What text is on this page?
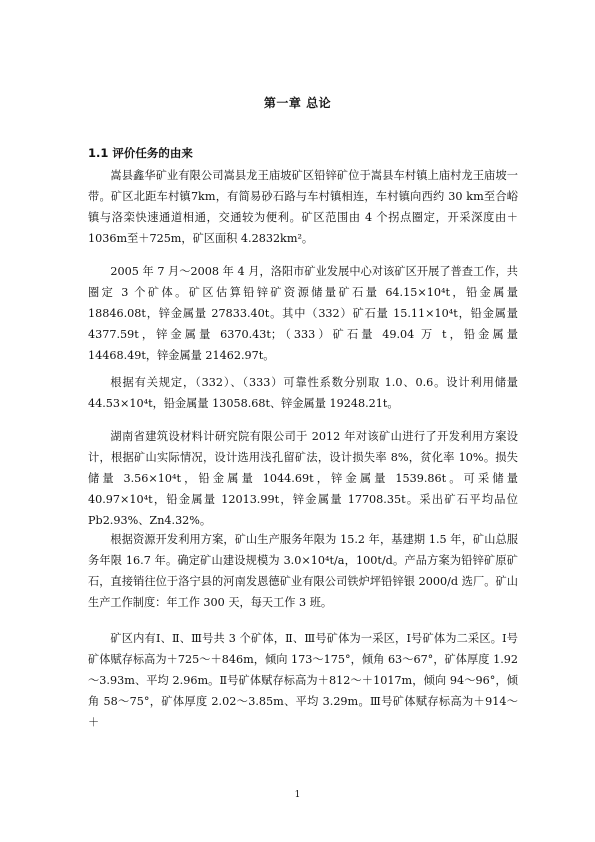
第一章 总论
1.1 评价任务的由来

嵩县鑫华矿业有限公司嵩县龙王庙坡矿区铅锌矿位于嵩县车村镇上庙村龙王庙坡一带。矿区北距车村镇7km，有简易砂石路与车村镇相连，车村镇向西约 30 km至合峪镇与洛栾快速通道相通，交通较为便利。矿区范围由 4 个拐点圈定，开采深度由＋1036m至＋725m，矿区面积 4.2832km²。

2005 年 7 月～2008 年 4 月，洛阳市矿业发展中心对该矿区开展了普查工作，共圈定 3 个矿体。矿区估算铅锌矿资源储量矿石量 64.15×10⁴t，铅金属量 18846.08t，锌金属量 27833.40t。其中（332）矿石量 15.11×10⁴t，铅金属量 4377.59t，锌金属量 6370.43t；（333）矿石量 49.04 万 t，铅金属量 14468.49t，锌金属量 21462.97t。

根据有关规定，（332）、（333）可靠性系数分别取 1.0、0.6。设计利用储量 44.53×10⁴t，铅金属量 13058.68t、锌金属量 19248.21t。

湖南省建筑设材料计研究院有限公司于 2012 年对该矿山进行了开发利用方案设计，根据矿山实际情况，设计选用浅孔留矿法，设计损失率 8%，贫化率 10%。损失储量 3.56×10⁴t，铅金属量 1044.69t，锌金属量 1539.86t。可采储量 40.97×10⁴t，铅金属量 12013.99t，锌金属量 17708.35t。采出矿石平均品位 Pb2.93%、Zn4.32%。

根据资源开发利用方案，矿山生产服务年限为 15.2 年，基建期 1.5 年，矿山总服务年限 16.7 年。确定矿山建设规模为 3.0×10⁴t/a，100t/d。产品方案为铅锌矿原矿石，直接销往位于洛宁县的河南发恩德矿业有限公司铁炉坪铅锌银 2000/d 选厂。矿山生产工作制度：年工作 300 天，每天工作 3 班。

矿区内有Ⅰ、Ⅱ、Ⅲ号共 3 个矿体，Ⅱ、Ⅲ号矿体为一采区，Ⅰ号矿体为二采区。Ⅰ号矿体赋存标高为＋725～＋846m，倾向 173～175°，倾角 63～67°，矿体厚度 1.92～3.93m、平均 2.96m。Ⅱ号矿体赋存标高为＋812～＋1017m，倾向 94～96°，倾角 58～75°，矿体厚度 2.02～3.85m、平均 3.29m。Ⅲ号矿体赋存标高为＋914～＋

1
